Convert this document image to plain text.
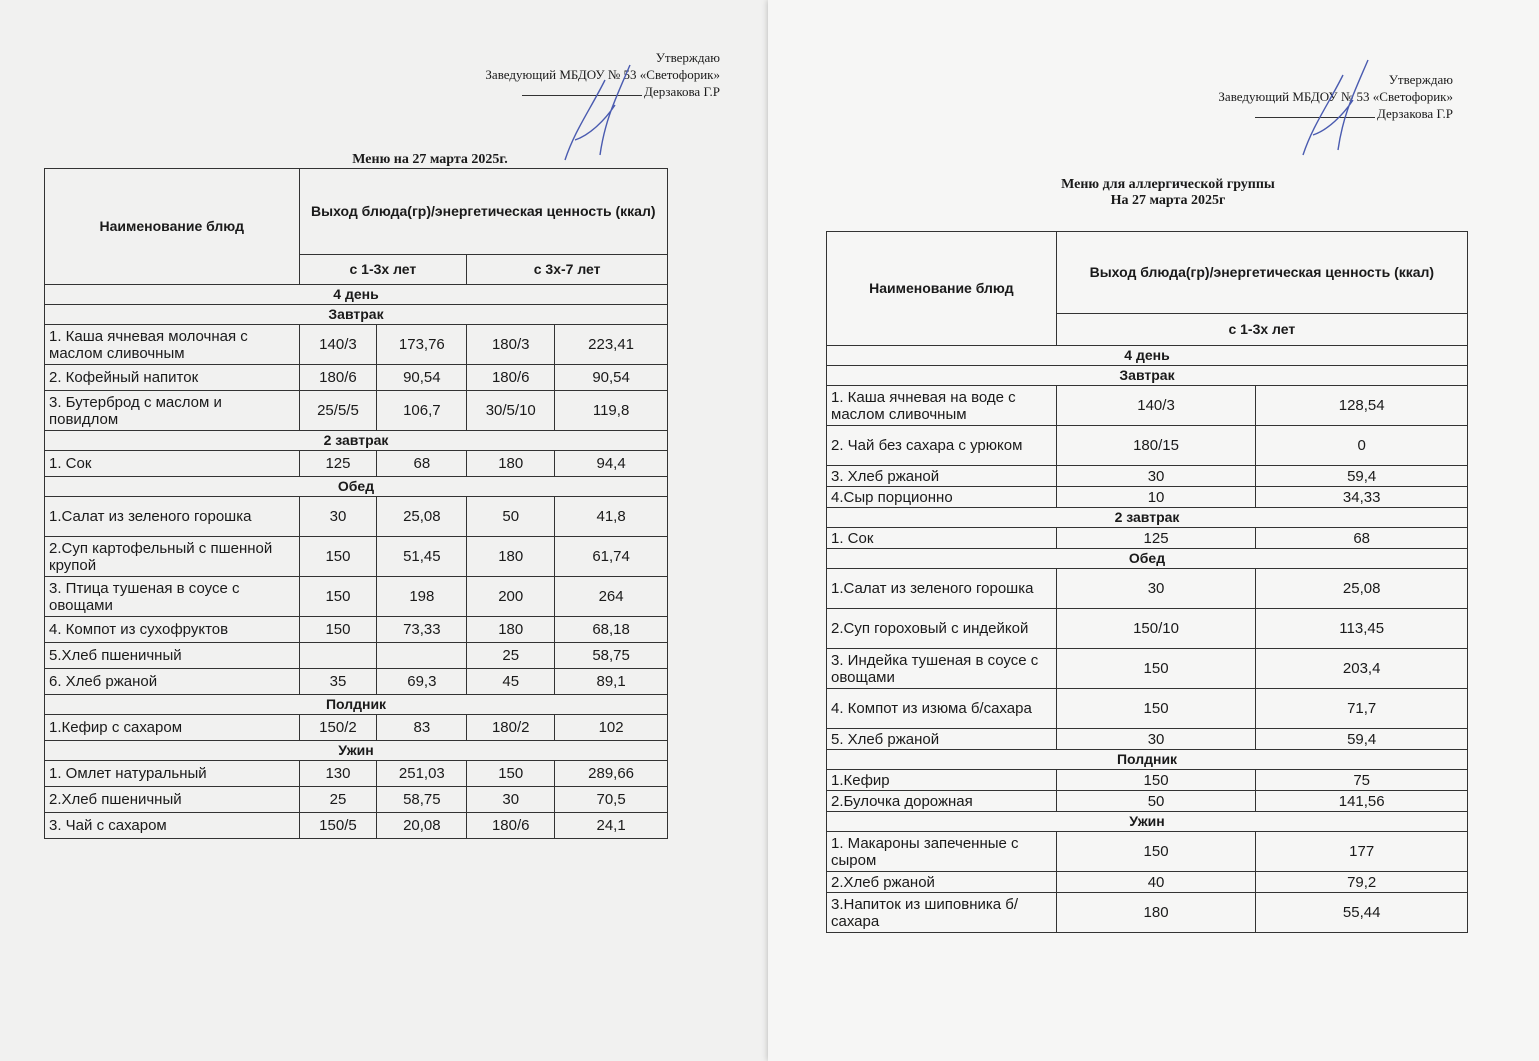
Утверждаю
Заведующий МБДОУ № 53 «Светофорик»
Дерзакова Г.Р
Меню на 27 марта 2025г.
Наименование блюд	Выход блюда(гр)/энергетическая ценность (ккал)			
	с 1-3х лет		с 3х-7 лет	
4 день				
Завтрак				
1. Каша ячневая молочная с маслом сливочным	140/3	173,76	180/3	223,41
2. Кофейный напиток	180/6	90,54	180/6	90,54
3. Бутерброд с маслом и повидлом	25/5/5	106,7	30/5/10	119,8
2 завтрак				
1. Сок	125	68	180	94,4
Обед				
1.Салат из зеленого горошка	30	25,08	50	41,8
2.Суп картофельный с пшенной крупой	150	51,45	180	61,74
3. Птица тушеная в соусе с овощами	150	198	200	264
4. Компот из сухофруктов	150	73,33	180	68,18
5.Хлеб пшеничный			25	58,75
6. Хлеб ржаной	35	69,3	45	89,1
Полдник				
1.Кефир с сахаром	150/2	83	180/2	102
Ужин				
1. Омлет натуральный	130	251,03	150	289,66
2.Хлеб пшеничный	25	58,75	30	70,5
3. Чай с сахаром	150/5	20,08	180/6	24,1
Утверждаю
Заведующий МБДОУ № 53 «Светофорик»
Дерзакова Г.Р
Меню для аллергической группы
На 27 марта 2025г
Наименование блюд	Выход блюда(гр)/энергетическая ценность (ккал)	
	с 1-3х лет	
4 день		
Завтрак		
1. Каша ячневая на воде с маслом сливочным	140/3	128,54
2. Чай без сахара с урюком	180/15	0
3. Хлеб ржаной	30	59,4
4.Сыр порционно	10	34,33
2 завтрак		
1. Сок	125	68
Обед		
1.Салат из зеленого горошка	30	25,08
2.Суп гороховый с индейкой	150/10	113,45
3. Индейка тушеная в соусе с овощами	150	203,4
4. Компот из изюма б/сахара	150	71,7
5. Хлеб ржаной	30	59,4
Полдник		
1.Кефир	150	75
2.Булочка дорожная	50	141,56
Ужин		
1. Макароны запеченные с сыром	150	177
2.Хлеб ржаной	40	79,2
3.Напиток из шиповника б/сахара	180	55,44
